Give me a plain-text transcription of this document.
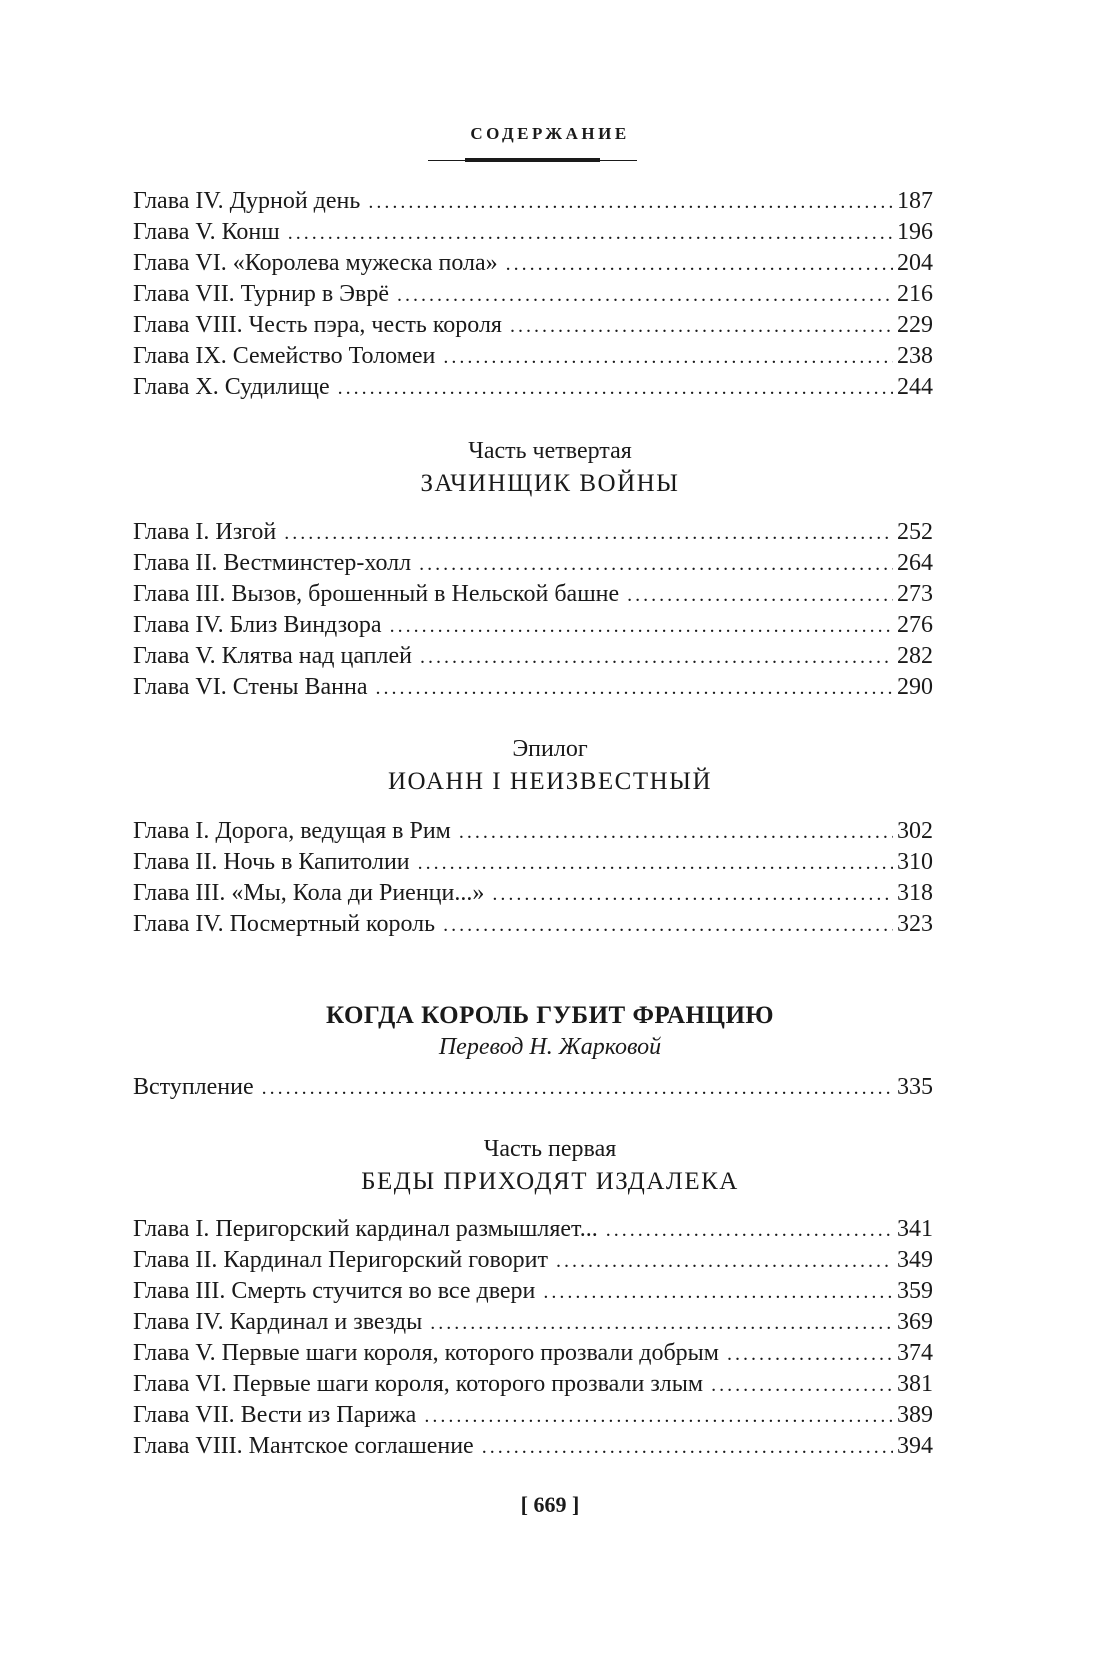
СОДЕРЖАНИЕ
Глава IV. Дурной день . . .	187
Глава V. Конш . . .	196
Глава VI. «Королева мужеска пола» . . .	204
Глава VII. Турнир в Эврё . . .	216
Глава VIII. Честь пэра, честь короля . . .	229
Глава IX. Семейство Толомеи . . .	238
Глава X. Судилище . . .	244
Часть четвертая
ЗАЧИНЩИК ВОЙНЫ
Глава I. Изгой . . .	252
Глава II. Вестминстер-холл . . .	264
Глава III. Вызов, брошенный в Нельской башне . . .	273
Глава IV. Близ Виндзора . . .	276
Глава V. Клятва над цаплей . . .	282
Глава VI. Стены Ванна . . .	290
Эпилог
ИОАНН I НЕИЗВЕСТНЫЙ
Глава I. Дорога, ведущая в Рим . . .	302
Глава II. Ночь в Капитолии . . .	310
Глава III. «Мы, Кола ди Риенци...» . . .	318
Глава IV. Посмертный король . . .	323
КОГДА КОРОЛЬ ГУБИТ ФРАНЦИЮ
Перевод Н. Жарковой
Вступление . . .	335
Часть первая
БЕДЫ ПРИХОДЯТ ИЗДАЛЕКА
Глава I. Перигорский кардинал размышляет... . . .	341
Глава II. Кардинал Перигорский говорит . . .	349
Глава III. Смерть стучится во все двери . . .	359
Глава IV. Кардинал и звезды . . .	369
Глава V. Первые шаги короля, которого прозвали добрым . . .	374
Глава VI. Первые шаги короля, которого прозвали злым . . .	381
Глава VII. Вести из Парижа . . .	389
Глава VIII. Мантское соглашение . . .	394
[ 669 ]
